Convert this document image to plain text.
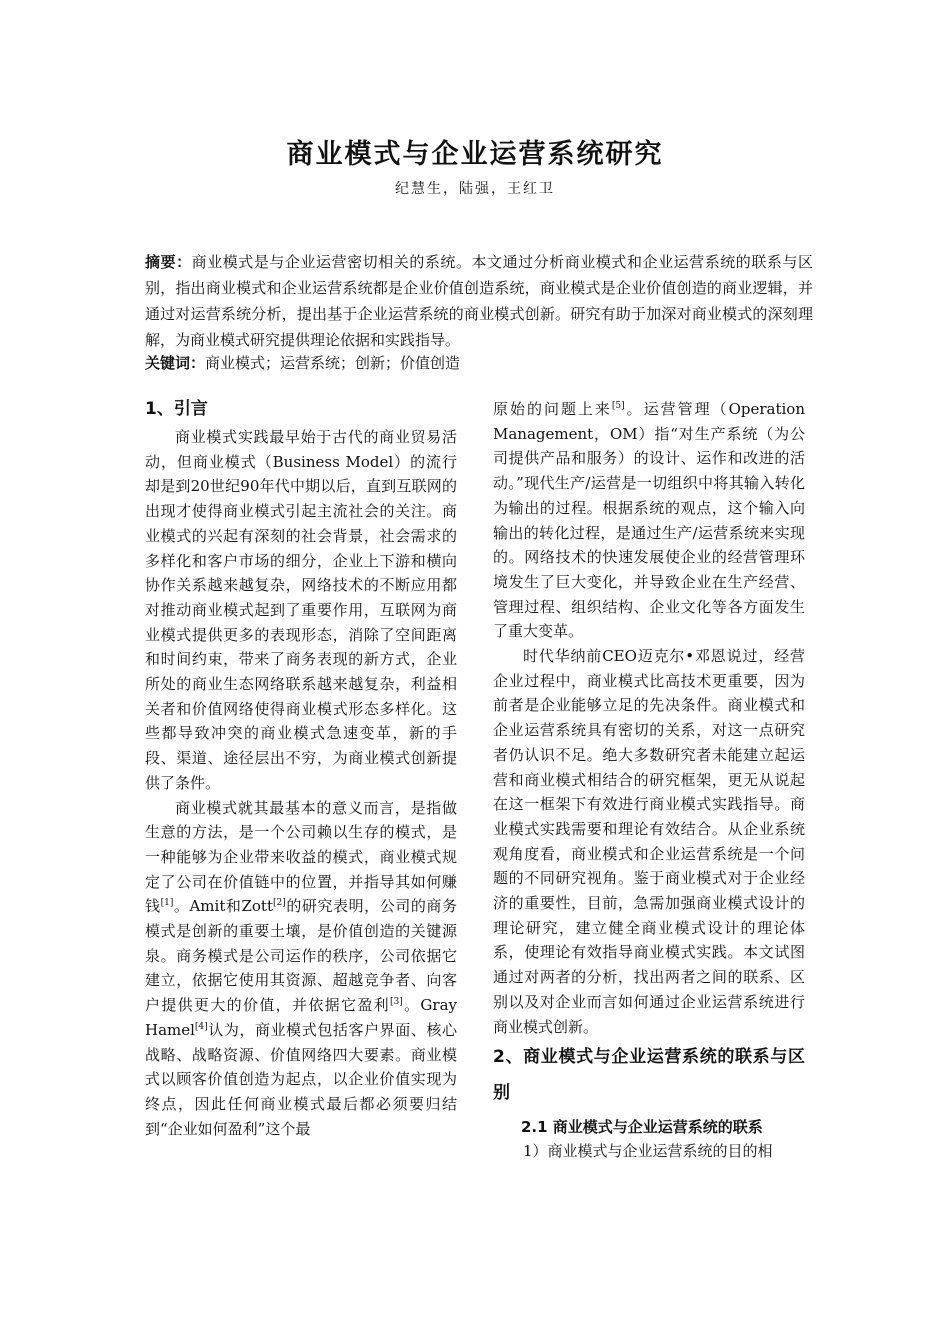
商业模式与企业运营系统研究
纪慧生，陆强，王红卫

摘要：商业模式是与企业运营密切相关的系统。本文通过分析商业模式和企业运营系统的联系与区别，指出商业模式和企业运营系统都是企业价值创造系统，商业模式是企业价值创造的商业逻辑，并通过对运营系统分析，提出基于企业运营系统的商业模式创新。研究有助于加深对商业模式的深刻理解，为商业模式研究提供理论依据和实践指导。

关键词：商业模式；运营系统；创新；价值创造

1、引言

商业模式实践最早始于古代的商业贸易活动，但商业模式（Business Model）的流行却是到20世纪90年代中期以后，直到互联网的出现才使得商业模式引起主流社会的关注。商业模式的兴起有深刻的社会背景，社会需求的多样化和客户市场的细分，企业上下游和横向协作关系越来越复杂，网络技术的不断应用都对推动商业模式起到了重要作用，互联网为商业模式提供更多的表现形态，消除了空间距离和时间约束，带来了商务表现的新方式，企业所处的商业生态网络联系越来越复杂，利益相关者和价值网络使得商业模式形态多样化。这些都导致冲突的商业模式急速变革，新的手段、渠道、途径层出不穷，为商业模式创新提供了条件。

商业模式就其最基本的意义而言，是指做生意的方法，是一个公司赖以生存的模式，是一种能够为企业带来收益的模式，商业模式规定了公司在价值链中的位置，并指导其如何赚钱[1]。Amit和Zott[2]的研究表明，公司的商务模式是创新的重要土壤，是价值创造的关键源泉。商务模式是公司运作的秩序，公司依据它建立，依据它使用其资源、超越竞争者、向客户提供更大的价值，并依据它盈利[3]。Gray Hamel[4]认为，商业模式包括客户界面、核心战略、战略资源、价值网络四大要素。商业模式以顾客价值创造为起点，以企业价值实现为终点，因此任何商业模式最后都必须要归结到“企业如何盈利”这个最

原始的问题上来[5]。运营管理（Operation Management，OM）指“对生产系统（为公司提供产品和服务）的设计、运作和改进的活动。”现代生产/运营是一切组织中将其输入转化为输出的过程。根据系统的观点，这个输入向输出的转化过程，是通过生产/运营系统来实现的。网络技术的快速发展使企业的经营管理环境发生了巨大变化，并导致企业在生产经营、管理过程、组织结构、企业文化等各方面发生了重大变革。

时代华纳前CEO迈克尔•邓恩说过，经营企业过程中，商业模式比高技术更重要，因为前者是企业能够立足的先决条件。商业模式和企业运营系统具有密切的关系，对这一点研究者仍认识不足。绝大多数研究者未能建立起运营和商业模式相结合的研究框架，更无从说起在这一框架下有效进行商业模式实践指导。商业模式实践需要和理论有效结合。从企业系统观角度看，商业模式和企业运营系统是一个问题的不同研究视角。鉴于商业模式对于企业经济的重要性，目前，急需加强商业模式设计的理论研究，建立健全商业模式设计的理论体系，使理论有效指导商业模式实践。本文试图通过对两者的分析，找出两者之间的联系、区别以及对企业而言如何通过企业运营系统进行商业模式创新。

2、商业模式与企业运营系统的联系与区别
2.1 商业模式与企业运营系统的联系

1）商业模式与企业运营系统的目的相
